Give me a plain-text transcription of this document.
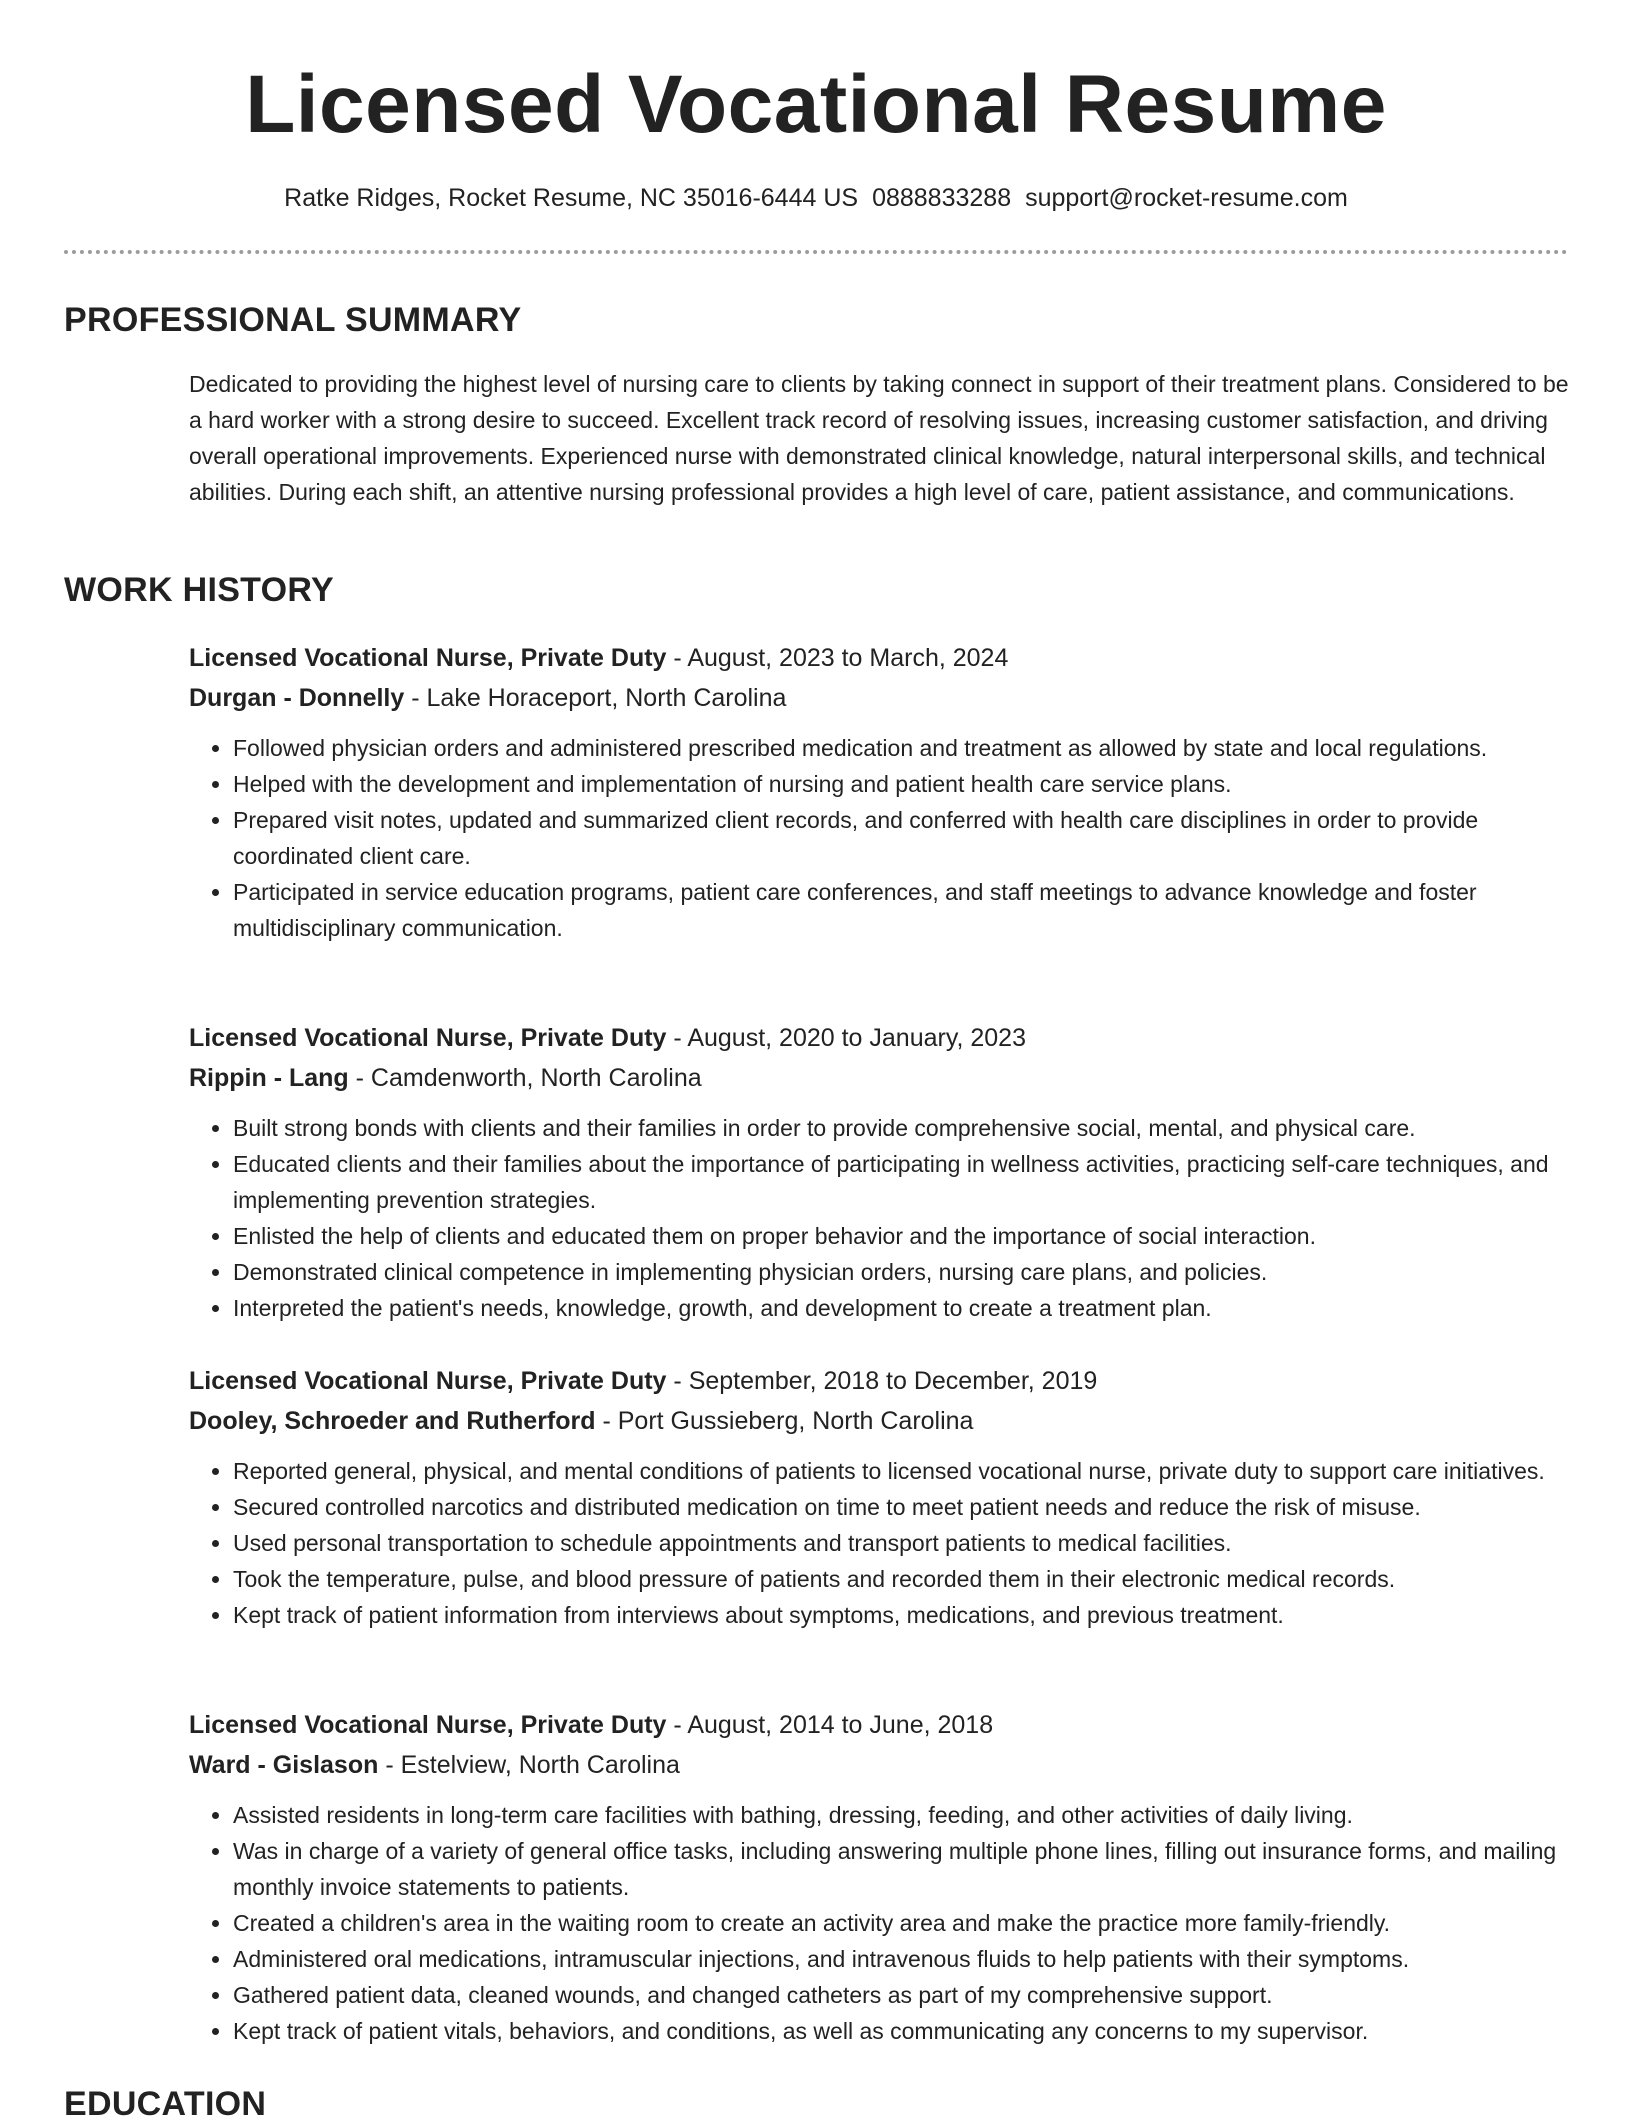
Licensed Vocational Resume
Ratke Ridges, Rocket Resume, NC 35016-6444 US 0888833288 support@rocket-resume.com
PROFESSIONAL SUMMARY

Dedicated to providing the highest level of nursing care to clients by taking connect in support of their treatment plans. Considered to be a hard worker with a strong desire to succeed. Excellent track record of resolving issues, increasing customer satisfaction, and driving overall operational improvements. Experienced nurse with demonstrated clinical knowledge, natural interpersonal skills, and technical abilities. During each shift, an attentive nursing professional provides a high level of care, patient assistance, and communications.

WORK HISTORY
Licensed Vocational Nurse, Private Duty - August, 2023 to March, 2024
Durgan - Donnelly - Lake Horaceport, North Carolina
• Followed physician orders and administered prescribed medication and treatment as allowed by state and local regulations.
• Helped with the development and implementation of nursing and patient health care service plans.
• Prepared visit notes, updated and summarized client records, and conferred with health care disciplines in order to provide coordinated client care.
• Participated in service education programs, patient care conferences, and staff meetings to advance knowledge and foster multidisciplinary communication.
Licensed Vocational Nurse, Private Duty - August, 2020 to January, 2023
Rippin - Lang - Camdenworth, North Carolina
• Built strong bonds with clients and their families in order to provide comprehensive social, mental, and physical care.
• Educated clients and their families about the importance of participating in wellness activities, practicing self-care techniques, and implementing prevention strategies.
• Enlisted the help of clients and educated them on proper behavior and the importance of social interaction.
• Demonstrated clinical competence in implementing physician orders, nursing care plans, and policies.
• Interpreted the patient's needs, knowledge, growth, and development to create a treatment plan.
Licensed Vocational Nurse, Private Duty - September, 2018 to December, 2019
Dooley, Schroeder and Rutherford - Port Gussieberg, North Carolina
• Reported general, physical, and mental conditions of patients to licensed vocational nurse, private duty to support care initiatives.
• Secured controlled narcotics and distributed medication on time to meet patient needs and reduce the risk of misuse.
• Used personal transportation to schedule appointments and transport patients to medical facilities.
• Took the temperature, pulse, and blood pressure of patients and recorded them in their electronic medical records.
• Kept track of patient information from interviews about symptoms, medications, and previous treatment.
Licensed Vocational Nurse, Private Duty - August, 2014 to June, 2018
Ward - Gislason - Estelview, North Carolina
• Assisted residents in long-term care facilities with bathing, dressing, feeding, and other activities of daily living.
• Was in charge of a variety of general office tasks, including answering multiple phone lines, filling out insurance forms, and mailing monthly invoice statements to patients.
• Created a children's area in the waiting room to create an activity area and make the practice more family-friendly.
• Administered oral medications, intramuscular injections, and intravenous fluids to help patients with their symptoms.
• Gathered patient data, cleaned wounds, and changed catheters as part of my comprehensive support.
• Kept track of patient vitals, behaviors, and conditions, as well as communicating any concerns to my supervisor.
EDUCATION
